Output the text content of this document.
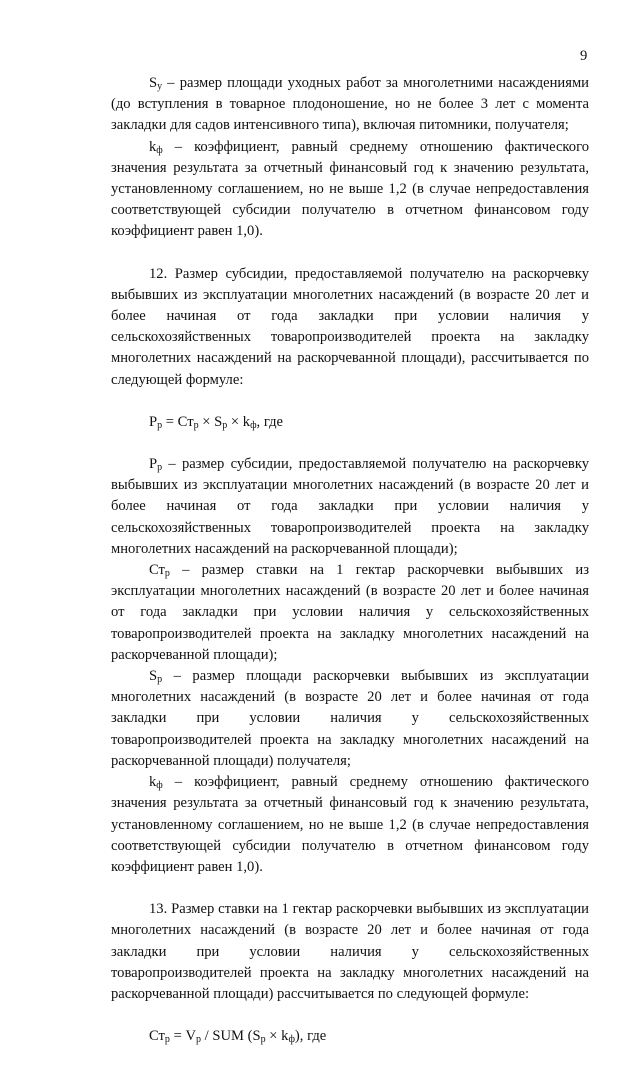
9

$S_у$ – размер площади уходных работ за многолетними насаждениями (до вступления в товарное плодоношение, но не более 3 лет с момента закладки для садов интенсивного типа), включая питомники, получателя;

$k_ф$ – коэффициент, равный среднему отношению фактического значения результата за отчетный финансовый год к значению результата, установленному соглашением, но не выше 1,2 (в случае непредоставления соответствующей субсидии получателю в отчетном финансовом году коэффициент равен 1,0).

12. Размер субсидии, предоставляемой получателю на раскорчевку выбывших из эксплуатации многолетних насаждений (в возрасте 20 лет и более начиная от года закладки при условии наличия у сельскохозяйственных товаропроизводителей проекта на закладку многолетних насаждений на раскорчеванной площади), рассчитывается по следующей формуле:

$P_р = Ст_р \times S_р \times k_ф$, где

$P_р$ – размер субсидии, предоставляемой получателю на раскорчевку выбывших из эксплуатации многолетних насаждений (в возрасте 20 лет и более начиная от года закладки при условии наличия у сельскохозяйственных товаропроизводителей проекта на закладку многолетних насаждений на раскорчеванной площади);

$Ст_р$ – размер ставки на 1 гектар раскорчевки выбывших из эксплуатации многолетних насаждений (в возрасте 20 лет и более начиная от года закладки при условии наличия у сельскохозяйственных товаропроизводителей проекта на закладку многолетних насаждений на раскорчеванной площади);

$S_р$ – размер площади раскорчевки выбывших из эксплуатации многолетних насаждений (в возрасте 20 лет и более начиная от года закладки при условии наличия у сельскохозяйственных товаропроизводителей проекта на закладку многолетних насаждений на раскорчеванной площади) получателя;

$k_ф$ – коэффициент, равный среднему отношению фактического значения результата за отчетный финансовый год к значению результата, установленному соглашением, но не выше 1,2 (в случае непредоставления соответствующей субсидии получателю в отчетном финансовом году коэффициент равен 1,0).

13. Размер ставки на 1 гектар раскорчевки выбывших из эксплуатации многолетних насаждений (в возрасте 20 лет и более начиная от года закладки при условии наличия у сельскохозяйственных товаропроизводителей проекта на закладку многолетних насаждений на раскорчеванной площади) рассчитывается по следующей формуле:

$Ст_р = V_р$ / SUM $(S_р \times k_ф)$, где
